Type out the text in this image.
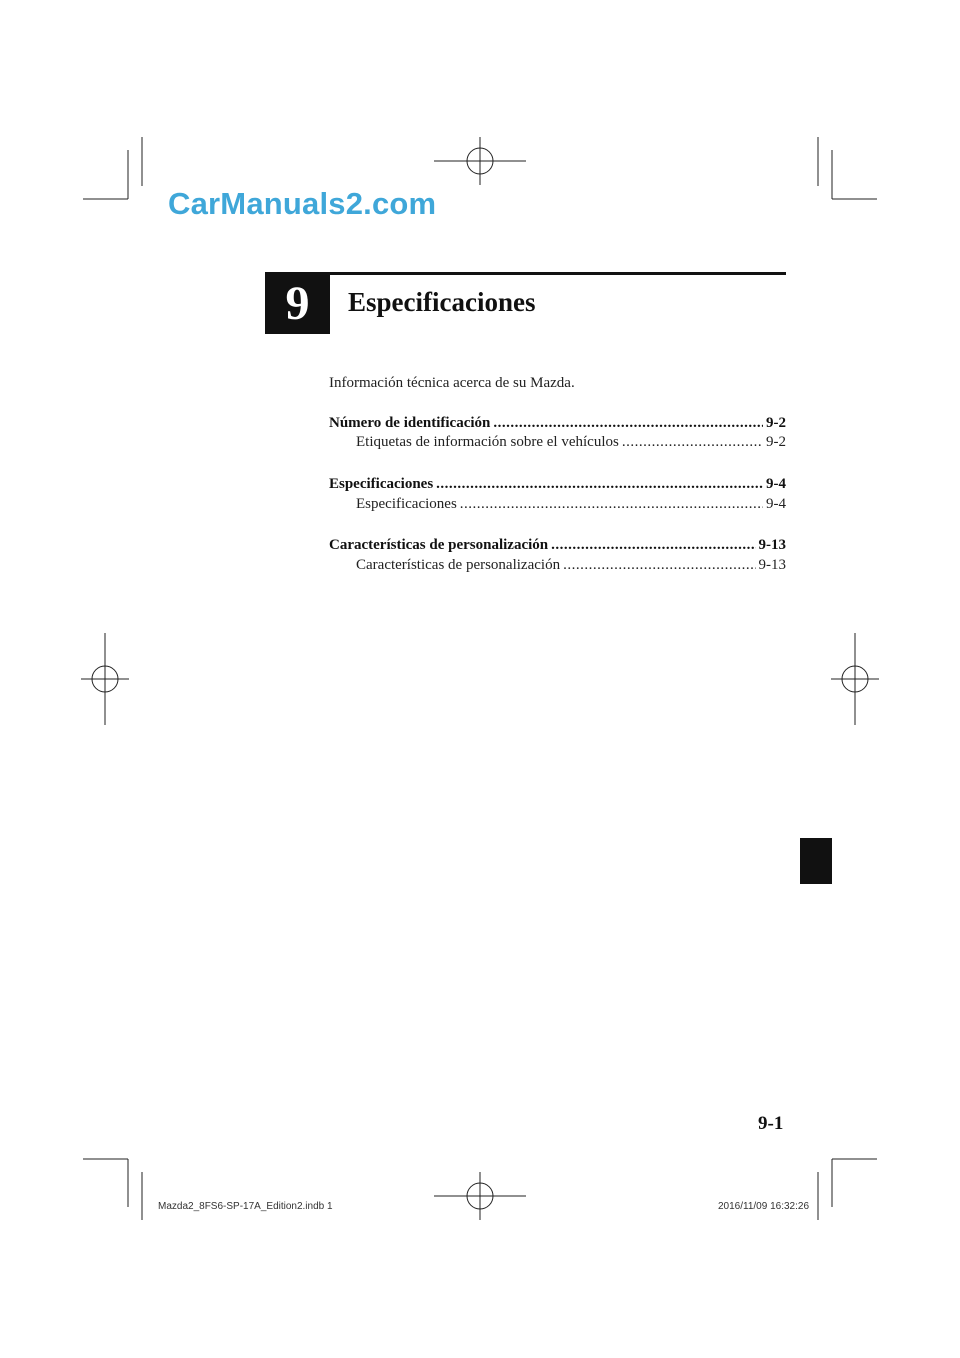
CarManuals2.com
9	Especificaciones
Información técnica acerca de su Mazda.
Número de identificación .....	9-2
Etiquetas de información sobre el vehículos .....	9-2
Especificaciones .....	9-4
Especificaciones .....	9-4
Características de personalización .....	9-13
Características de personalización .....	9-13
9-1
Mazda2_8FS6-SP-17A_Edition2.indb 1	2016/11/09 16:32:26
